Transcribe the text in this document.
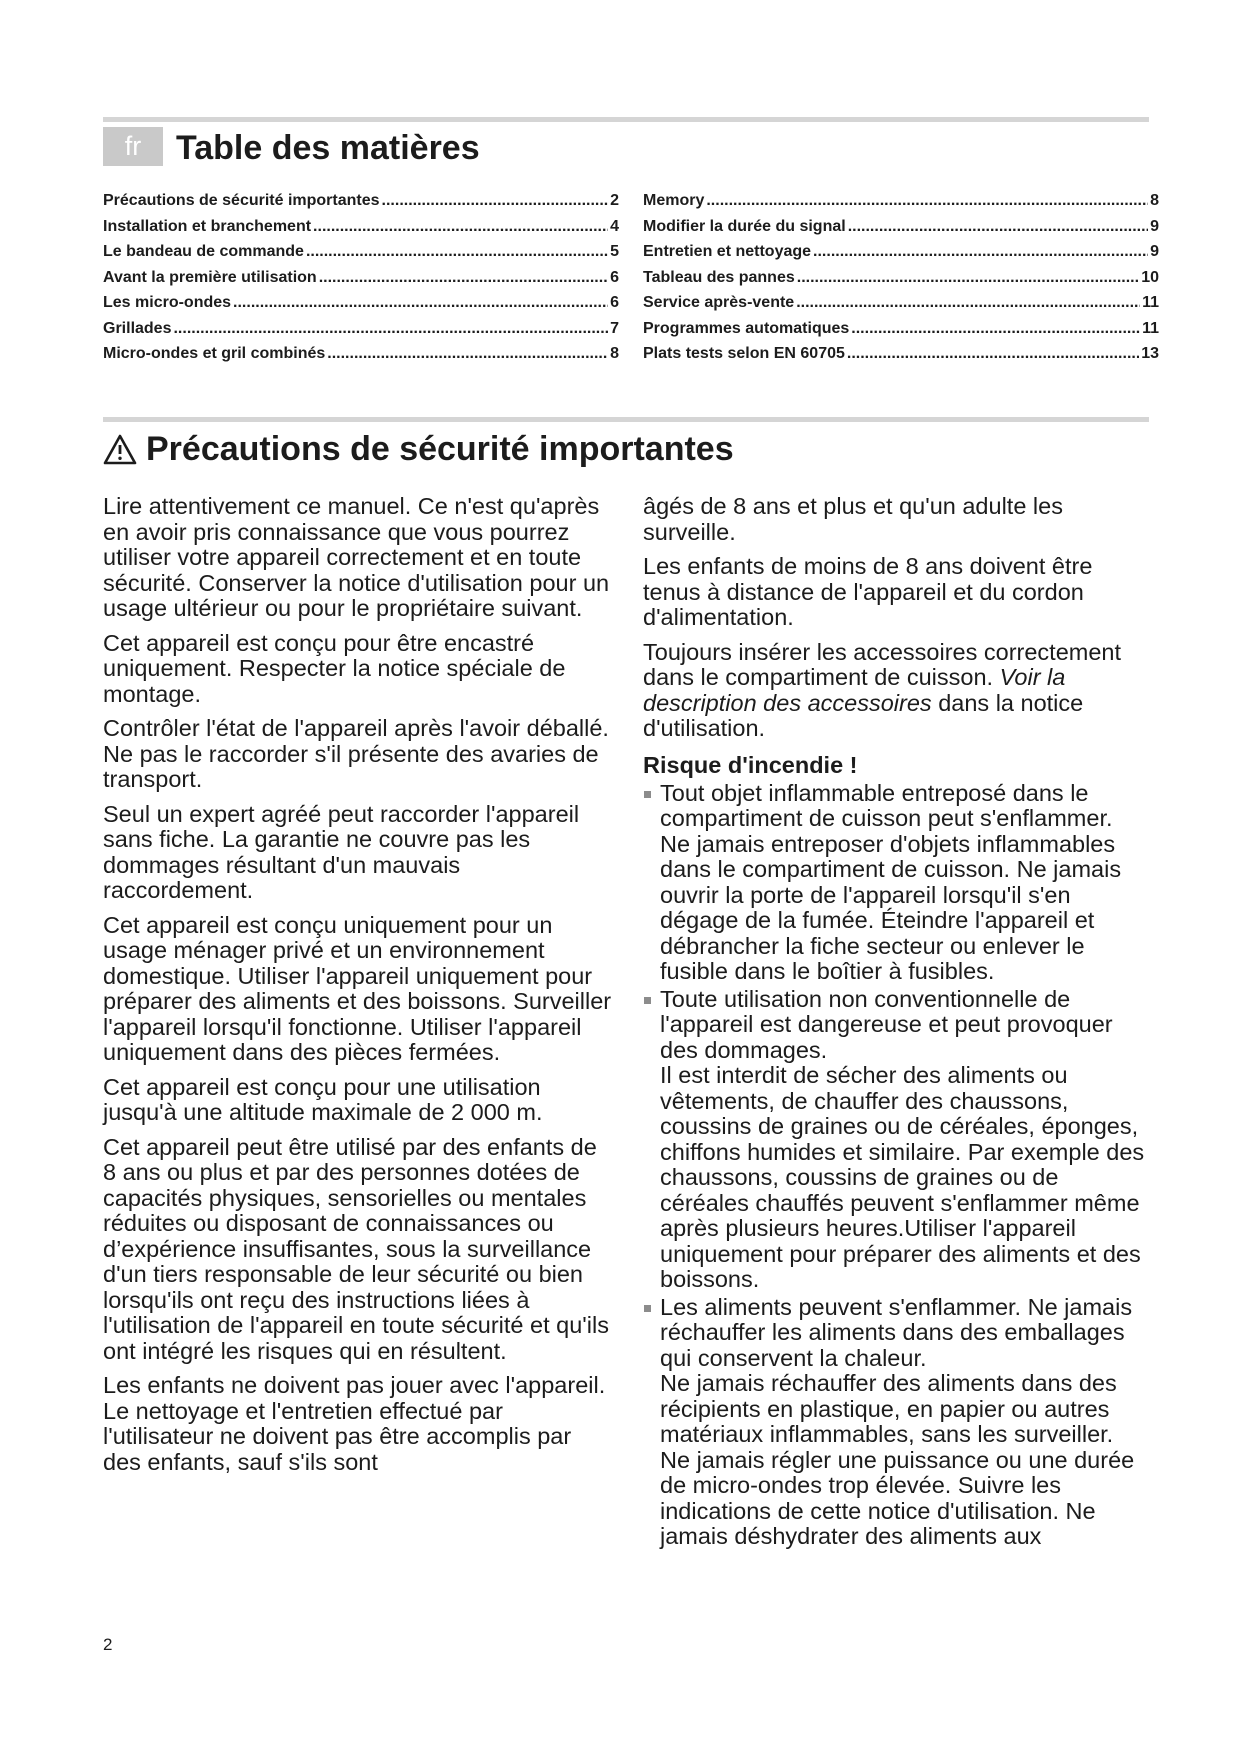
fr	Table des matières
Précautions de sécurité importantes .....	2
Installation et branchement .....	4
Le bandeau de commande .....	5
Avant la première utilisation .....	6
Les micro-ondes .....	6
Grillades .....	7
Micro-ondes et gril combinés .....	8
Memory .....	8
Modifier la durée du signal .....	9
Entretien et nettoyage .....	9
Tableau des pannes .....	10
Service après-vente .....	11
Programmes automatiques .....	11
Plats tests selon EN 60705 .....	13
Précautions de sécurité importantes

Lire attentivement ce manuel. Ce n'est qu'après en avoir pris connaissance que vous pourrez utiliser votre appareil correctement et en toute sécurité. Conserver la notice d'utilisation pour un usage ultérieur ou pour le propriétaire suivant.

Cet appareil est conçu pour être encastré uniquement. Respecter la notice spéciale de montage.

Contrôler l'état de l'appareil après l'avoir déballé. Ne pas le raccorder s'il présente des avaries de transport.

Seul un expert agréé peut raccorder l'appareil sans fiche. La garantie ne couvre pas les dommages résultant d'un mauvais raccordement.

Cet appareil est conçu uniquement pour un usage ménager privé et un environnement domestique. Utiliser l'appareil uniquement pour préparer des aliments et des boissons. Surveiller l'appareil lorsqu'il fonctionne. Utiliser l'appareil uniquement dans des pièces fermées.

Cet appareil est conçu pour une utilisation jusqu'à une altitude maximale de 2 000 m.

Cet appareil peut être utilisé par des enfants de 8 ans ou plus et par des personnes dotées de capacités physiques, sensorielles ou mentales réduites ou disposant de connaissances ou d’expérience insuffisantes, sous la surveillance d'un tiers responsable de leur sécurité ou bien lorsqu'ils ont reçu des instructions liées à l'utilisation de l'appareil en toute sécurité et qu'ils ont intégré les risques qui en résultent.

Les enfants ne doivent pas jouer avec l'appareil. Le nettoyage et l'entretien effectué par l'utilisateur ne doivent pas être accomplis par des enfants, sauf s'ils sont

âgés de 8 ans et plus et qu'un adulte les surveille.

Les enfants de moins de 8 ans doivent être tenus à distance de l'appareil et du cordon d'alimentation.

Toujours insérer les accessoires correctement dans le compartiment de cuisson. Voir la description des accessoires dans la notice d'utilisation.

Risque d'incendie !

Tout objet inflammable entreposé dans le compartiment de cuisson peut s'enflammer. Ne jamais entreposer d'objets inflammables dans le compartiment de cuisson. Ne jamais ouvrir la porte de l'appareil lorsqu'il s'en dégage de la fumée. Éteindre l'appareil et débrancher la fiche secteur ou enlever le fusible dans le boîtier à fusibles.

Toute utilisation non conventionnelle de l'appareil est dangereuse et peut provoquer des dommages.

Il est interdit de sécher des aliments ou vêtements, de chauffer des chaussons, coussins de graines ou de céréales, éponges, chiffons humides et similaire. Par exemple des chaussons, coussins de graines ou de céréales chauffés peuvent s'enflammer même après plusieurs heures.Utiliser l'appareil uniquement pour préparer des aliments et des boissons.

Les aliments peuvent s'enflammer. Ne jamais réchauffer les aliments dans des emballages qui conservent la chaleur.

Ne jamais réchauffer des aliments dans des récipients en plastique, en papier ou autres matériaux inflammables, sans les surveiller.

Ne jamais régler une puissance ou une durée de micro-ondes trop élevée. Suivre les indications de cette notice d'utilisation. Ne jamais déshydrater des aliments aux

2
